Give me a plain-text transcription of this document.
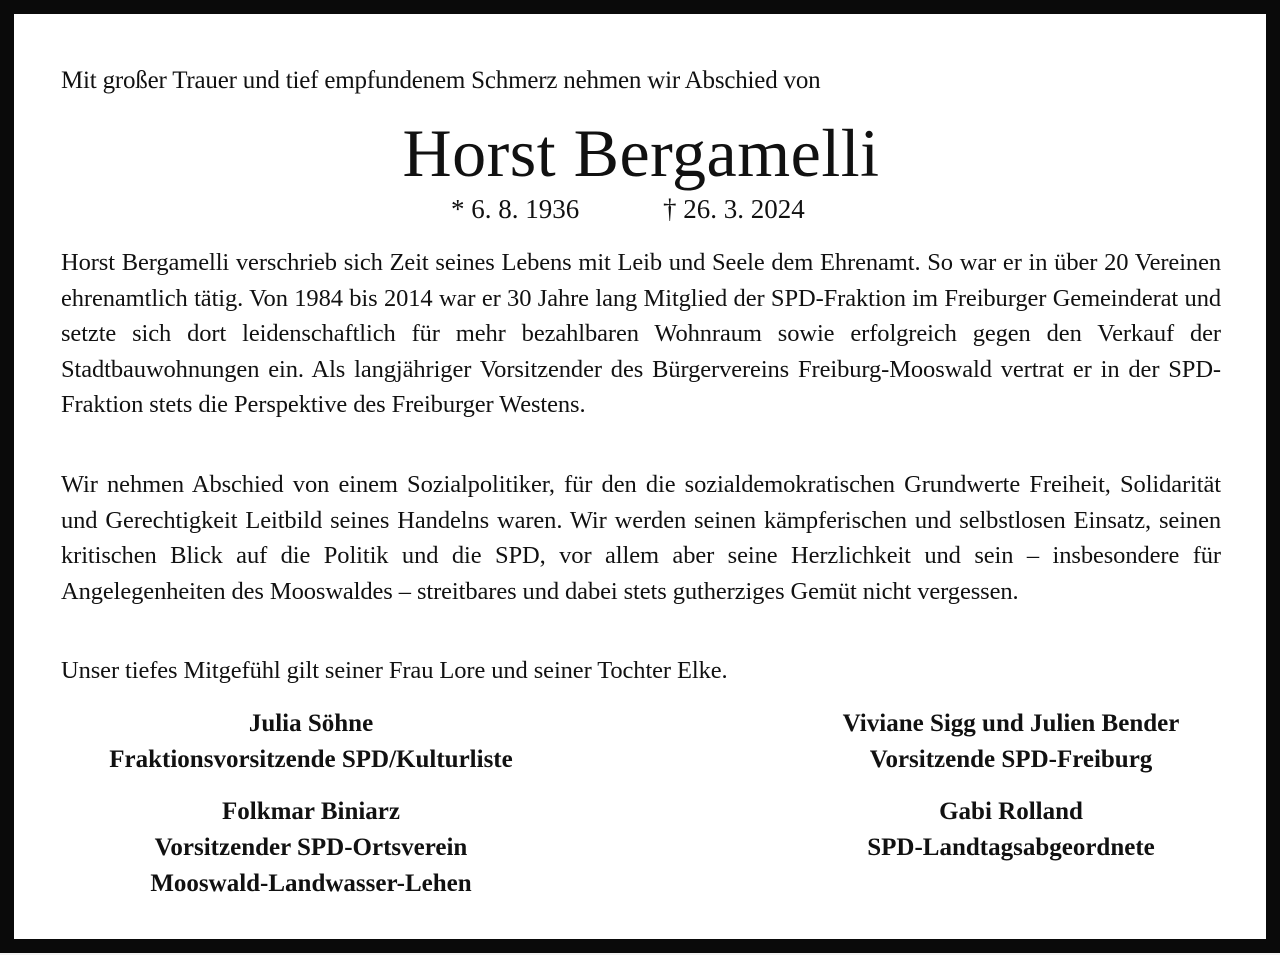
Mit großer Trauer und tief empfundenem Schmerz nehmen wir Abschied von
Horst Bergamelli
* 6. 8. 1936	† 26. 3. 2024
Horst Bergamelli verschrieb sich Zeit seines Lebens mit Leib und Seele dem Ehrenamt. So war er in über 20 Vereinen ehrenamtlich tätig. Von 1984 bis 2014 war er 30 Jahre lang Mitglied der SPD-Fraktion im Freiburger Gemeinderat und setzte sich dort leidenschaftlich für mehr bezahlbaren Wohnraum sowie erfolgreich gegen den Verkauf der Stadtbauwohnungen ein. Als langjähriger Vorsitzender des Bürgervereins Freiburg-Mooswald vertrat er in der SPD-Fraktion stets die Perspektive des Freiburger Westens.
Wir nehmen Abschied von einem Sozialpolitiker, für den die sozialdemokratischen Grundwerte Freiheit, Solidarität und Gerechtigkeit Leitbild seines Handelns waren. Wir werden seinen kämpferischen und selbstlosen Einsatz, seinen kritischen Blick auf die Politik und die SPD, vor allem aber seine Herzlichkeit und sein – insbesondere für Angelegenheiten des Mooswaldes – streitbares und dabei stets gutherziges Gemüt nicht vergessen.
Unser tiefes Mitgefühl gilt seiner Frau Lore und seiner Tochter Elke.
Julia Söhne
Fraktionsvorsitzende SPD/Kulturliste
Viviane Sigg und Julien Bender
Vorsitzende SPD-Freiburg
Folkmar Biniarz
Vorsitzender SPD-Ortsverein
Mooswald-Landwasser-Lehen
Gabi Rolland
SPD-Landtagsabgeordnete
